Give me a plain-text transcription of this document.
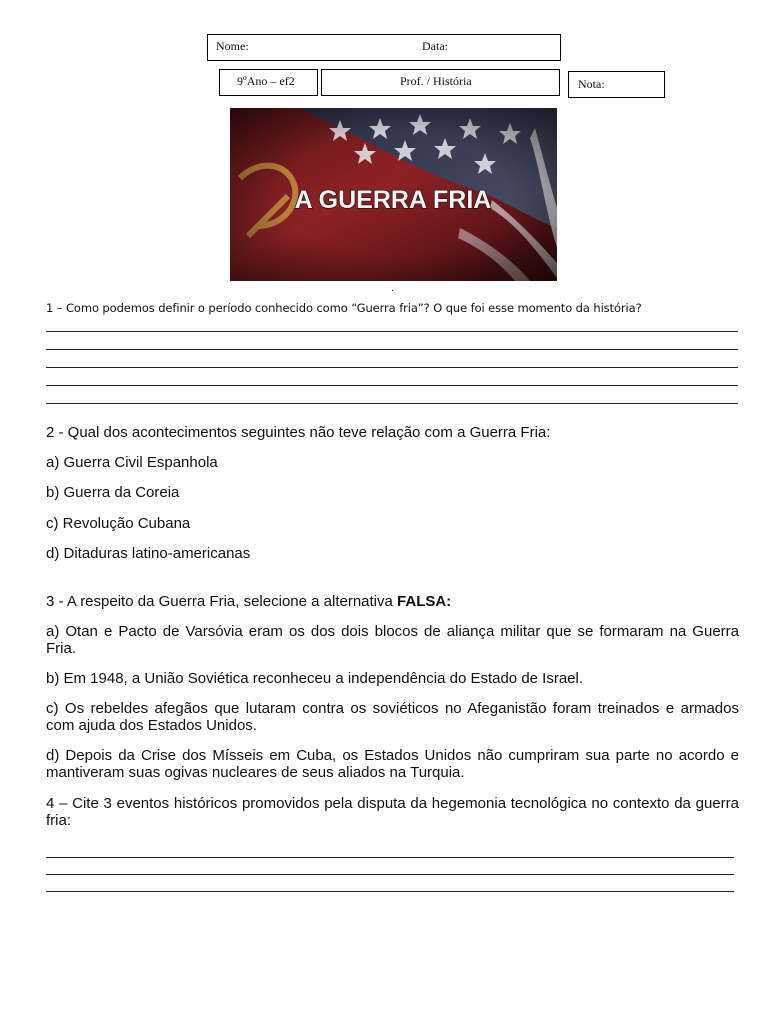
Nome:	Data:
9ºAno – ef2	Prof. / História	Nota:
A GUERRA FRIA
.
1 – Como podemos definir o período conhecido como “Guerra fria”? O que foi esse momento da história?
2 - Qual dos acontecimentos seguintes não teve relação com a Guerra Fria:
a) Guerra Civil Espanhola
b) Guerra da Coreia
c) Revolução Cubana
d) Ditaduras latino-americanas
3 - A respeito da Guerra Fria, selecione a alternativa FALSA:
a) Otan e Pacto de Varsóvia eram os dos dois blocos de aliança militar que se formaram na Guerra Fria.
b) Em 1948, a União Soviética reconheceu a independência do Estado de Israel.
c) Os rebeldes afegãos que lutaram contra os soviéticos no Afeganistão foram treinados e armados com ajuda dos Estados Unidos.
d) Depois da Crise dos Mísseis em Cuba, os Estados Unidos não cumpriram sua parte no acordo e mantiveram suas ogivas nucleares de seus aliados na Turquia.
4 – Cite 3 eventos históricos promovidos pela disputa da hegemonia tecnológica no contexto da guerra fria:
